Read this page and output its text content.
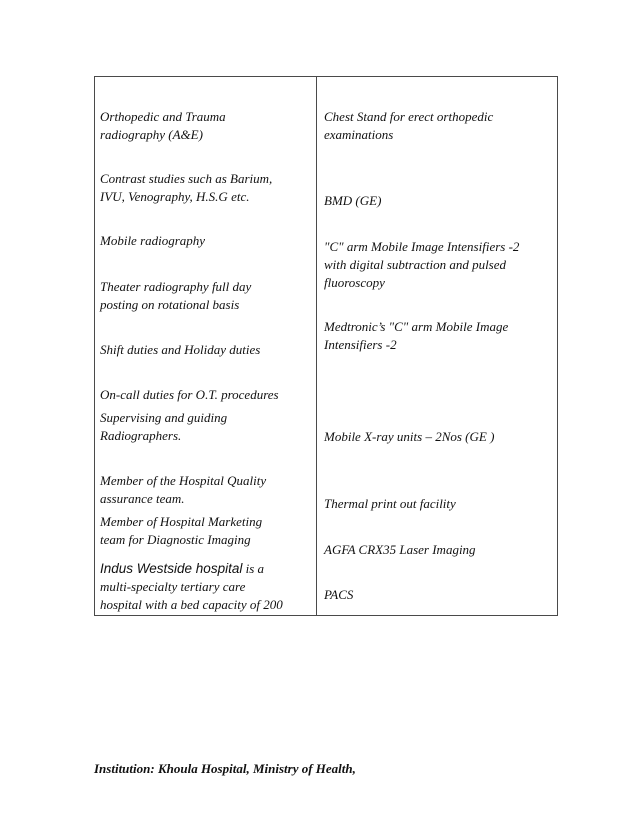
Orthopedic and Trauma
radiography (A&E)
Contrast studies such as Barium,
IVU, Venography, H.S.G etc.
Mobile radiography
Theater radiography full day
posting on rotational basis
Shift duties and Holiday duties
On-call duties for O.T. procedures
Supervising and guiding
Radiographers.
Member of the Hospital Quality
assurance team.
Member of Hospital Marketing
team for Diagnostic Imaging
Indus Westside hospital is a
multi-specialty tertiary care
hospital with a bed capacity of 200
Chest Stand for erect orthopedic
examinations
BMD (GE)
"C" arm Mobile Image Intensifiers -2
with digital subtraction and pulsed
fluoroscopy
Medtronic’s "C" arm Mobile Image
Intensifiers -2
Mobile X-ray units – 2Nos (GE )
Thermal print out facility
AGFA CRX35 Laser Imaging
PACS
Institution: Khoula Hospital, Ministry of Health,
